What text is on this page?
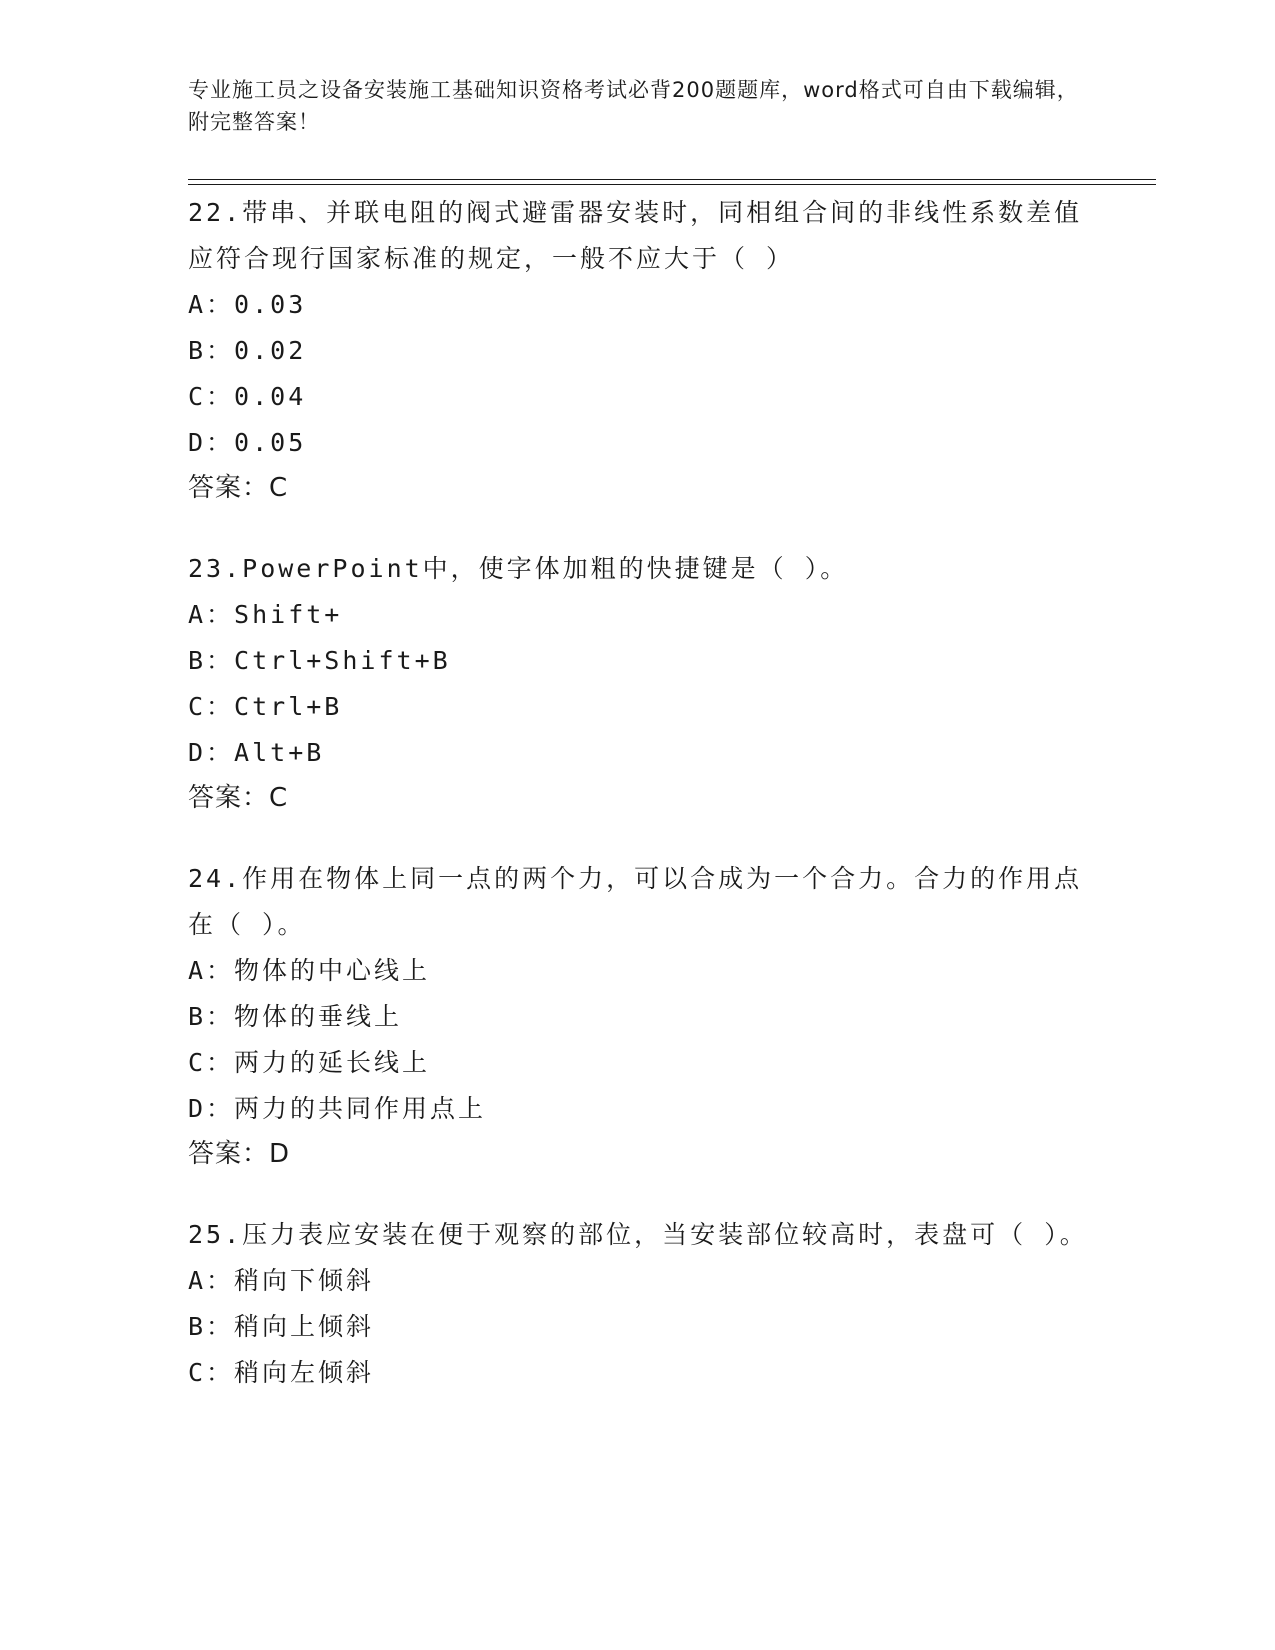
专业施工员之设备安装施工基础知识资格考试必背200题题库，word格式可自由下载编辑，附完整答案！

22.带串、并联电阻的阀式避雷器安装时，同相组合间的非线性系数差值应符合现行国家标准的规定，一般不应大于（ ）

A：0.03

B：0.02

C：0.04

D：0.05

答案：C

23.PowerPoint中，使字体加粗的快捷键是（ ）。

A：Shift+

B：Ctrl+Shift+B

C：Ctrl+B

D：Alt+B

答案：C

24.作用在物体上同一点的两个力，可以合成为一个合力。合力的作用点在（ ）。

A：物体的中心线上

B：物体的垂线上

C：两力的延长线上

D：两力的共同作用点上

答案：D

25.压力表应安装在便于观察的部位，当安装部位较高时，表盘可（ ）。

A：稍向下倾斜

B：稍向上倾斜

C：稍向左倾斜
